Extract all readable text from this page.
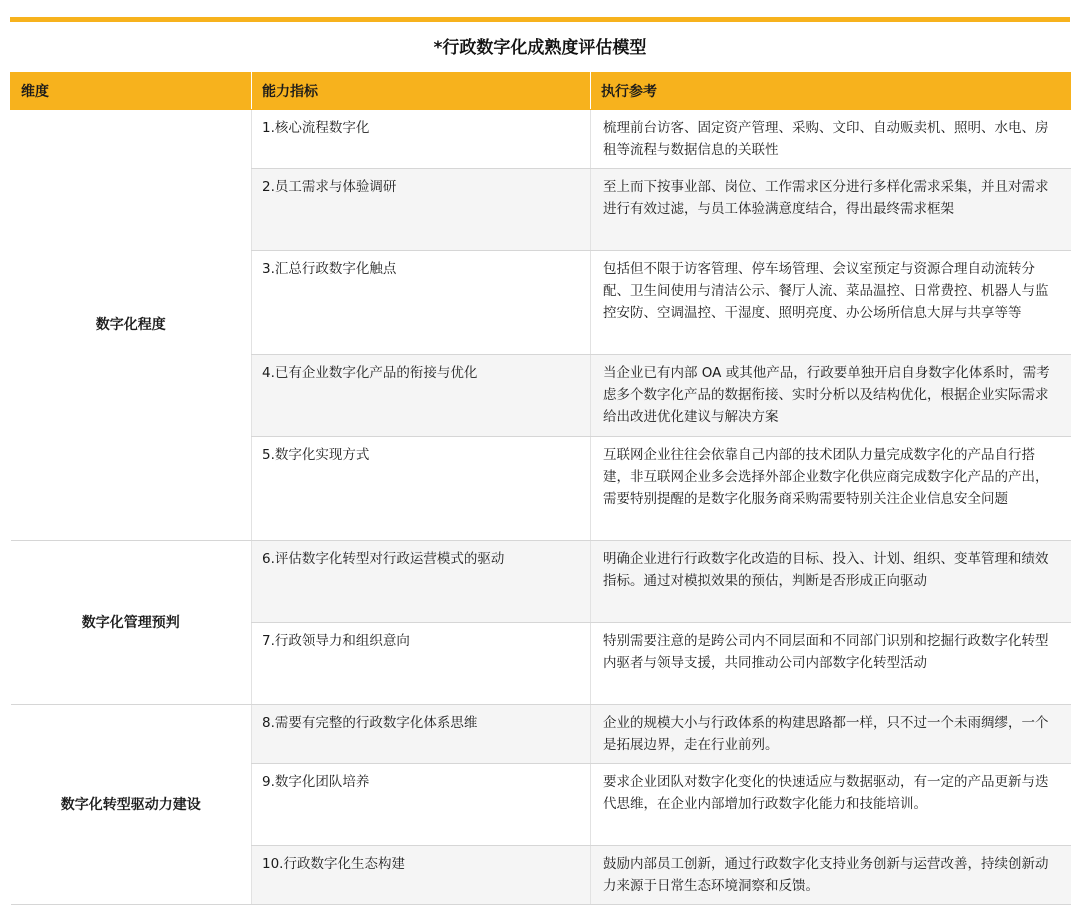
*行政数字化成熟度评估模型
维度	能力指标	执行参考
数字化程度	1.核心流程数字化	梳理前台访客、固定资产管理、采购、文印、自动贩卖机、照明、水电、房租等流程与数据信息的关联性
	2.员工需求与体验调研	至上而下按事业部、岗位、工作需求区分进行多样化需求采集，并且对需求进行有效过滤，与员工体验满意度结合，得出最终需求框架
	3.汇总行政数字化触点	包括但不限于访客管理、停车场管理、会议室预定与资源合理自动流转分配、卫生间使用与清洁公示、餐厅人流、菜品温控、日常费控、机器人与监控安防、空调温控、干湿度、照明亮度、办公场所信息大屏与共享等等
	4.已有企业数字化产品的衔接与优化	当企业已有内部 OA 或其他产品，行政要单独开启自身数字化体系时，需考虑多个数字化产品的数据衔接、实时分析以及结构优化，根据企业实际需求给出改进优化建议与解决方案
	5.数字化实现方式	互联网企业往往会依靠自己内部的技术团队力量完成数字化的产品自行搭建，非互联网企业多会选择外部企业数字化供应商完成数字化产品的产出，需要特别提醒的是数字化服务商采购需要特别关注企业信息安全问题
数字化管理预判	6.评估数字化转型对行政运营模式的驱动	明确企业进行行政数字化改造的目标、投入、计划、组织、变革管理和绩效指标。通过对模拟效果的预估，判断是否形成正向驱动
	7.行政领导力和组织意向	特别需要注意的是跨公司内不同层面和不同部门识别和挖掘行政数字化转型内驱者与领导支援，共同推动公司内部数字化转型活动
数字化转型驱动力建设	8.需要有完整的行政数字化体系思维	企业的规模大小与行政体系的构建思路都一样，只不过一个未雨绸缪，一个是拓展边界，走在行业前列。
	9.数字化团队培养	要求企业团队对数字化变化的快速适应与数据驱动，有一定的产品更新与迭代思维，在企业内部增加行政数字化能力和技能培训。
	10.行政数字化生态构建	鼓励内部员工创新，通过行政数字化支持业务创新与运营改善，持续创新动力来源于日常生态环境洞察和反馈。
